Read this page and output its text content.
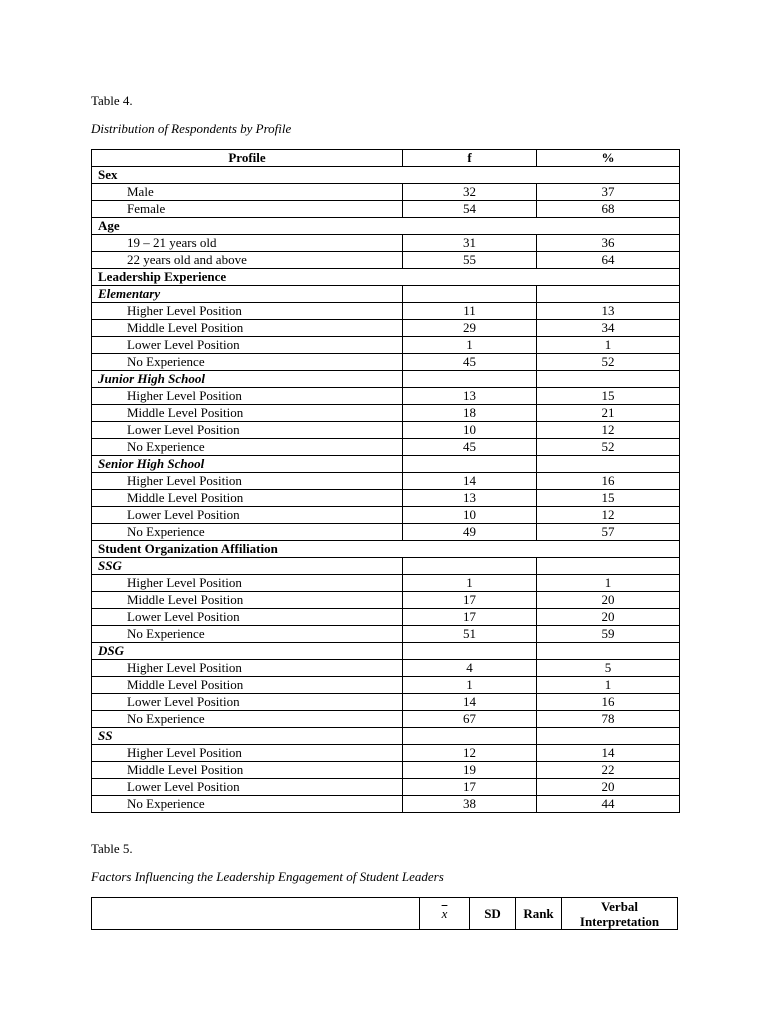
Table 4.
Distribution of Respondents by Profile
Profile	f	%
Sex		
Male	32	37
Female	54	68
Age		
19 – 21 years old	31	36
22 years old and above	55	64
Leadership Experience		
Elementary		
Higher Level Position	11	13
Middle Level Position	29	34
Lower Level Position	1	1
No Experience	45	52
Junior High School		
Higher Level Position	13	15
Middle Level Position	18	21
Lower Level Position	10	12
No Experience	45	52
Senior High School		
Higher Level Position	14	16
Middle Level Position	13	15
Lower Level Position	10	12
No Experience	49	57
Student Organization Affiliation		
SSG		
Higher Level Position	1	1
Middle Level Position	17	20
Lower Level Position	17	20
No Experience	51	59
DSG		
Higher Level Position	4	5
Middle Level Position	1	1
Lower Level Position	14	16
No Experience	67	78
SS		
Higher Level Position	12	14
Middle Level Position	19	22
Lower Level Position	17	20
No Experience	38	44
Table 5.
Factors Influencing the Leadership Engagement of Student Leaders
	$\overline{x}$	SD	Rank	Verbal Interpretation
